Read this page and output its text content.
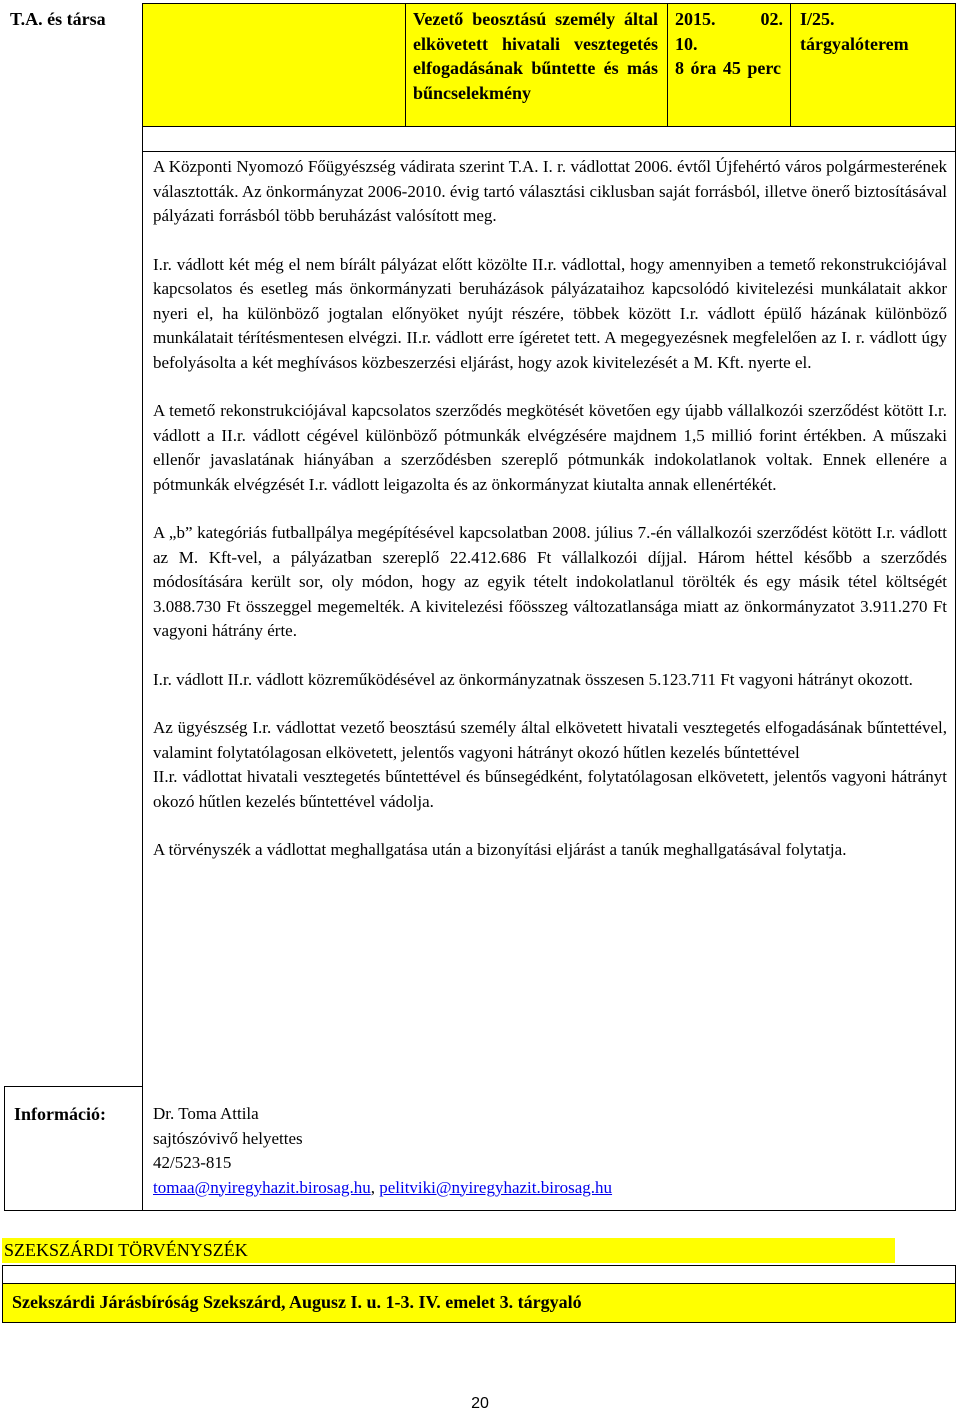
T.A. és társa	Vezető beosztású személy által elkövetett hivatali vesztegetés elfogadásának bűntette és más bűncselekmény
2015. 02.
10.
8 óra 45 perc
I/25.
tárgyalóterem

A Központi Nyomozó Főügyészség vádirata szerint T.A. I. r. vádlottat 2006. évtől Újfehértó város polgármesterének választották. Az önkormányzat 2006-2010. évig tartó választási ciklusban saját forrásból, illetve önerő biztosításával pályázati forrásból több beruházást valósított meg.

I.r. vádlott két még el nem bírált pályázat előtt közölte II.r. vádlottal, hogy amennyiben a temető rekonstrukciójával kapcsolatos és esetleg más önkormányzati beruházások pályázataihoz kapcsolódó kivitelezési munkálatait akkor nyeri el, ha különböző jogtalan előnyöket nyújt részére, többek között I.r. vádlott épülő házának különböző munkálatait térítésmentesen elvégzi. II.r. vádlott erre ígéretet tett. A megegyezésnek megfelelően az I. r. vádlott úgy befolyásolta a két meghívásos közbeszerzési eljárást, hogy azok kivitelezését a M. Kft. nyerte el.

A temető rekonstrukciójával kapcsolatos szerződés megkötését követően egy újabb vállalkozói szerződést kötött I.r. vádlott a II.r. vádlott cégével különböző pótmunkák elvégzésére majdnem 1,5 millió forint értékben. A műszaki ellenőr javaslatának hiányában a szerződésben szereplő pótmunkák indokolatlanok voltak. Ennek ellenére a pótmunkák elvégzését I.r. vádlott leigazolta és az önkormányzat kiutalta annak ellenértékét.

A „b” kategóriás futballpálya megépítésével kapcsolatban 2008. július 7.-én vállalkozói szerződést kötött I.r. vádlott az M. Kft-vel, a pályázatban szereplő 22.412.686 Ft vállalkozói díjjal. Három héttel később a szerződés módosítására került sor, oly módon, hogy az egyik tételt indokolatlanul törölték és egy másik tétel költségét 3.088.730 Ft összeggel megemelték. A kivitelezési főösszeg változatlansága miatt az önkormányzatot 3.911.270 Ft vagyoni hátrány érte.

I.r. vádlott II.r. vádlott közreműködésével az önkormányzatnak összesen 5.123.711 Ft vagyoni hátrányt okozott.

Az ügyészség I.r. vádlottat vezető beosztású személy által elkövetett hivatali vesztegetés elfogadásának bűntettével, valamint folytatólagosan elkövetett, jelentős vagyoni hátrányt okozó hűtlen kezelés bűntettével

II.r. vádlottat hivatali vesztegetés bűntettével és bűnsegédként, folytatólagosan elkövetett, jelentős vagyoni hátrányt okozó hűtlen kezelés bűntettével vádolja.

A törvényszék a vádlottat meghallgatása után a bizonyítási eljárást a tanúk meghallgatásával folytatja.

Információ:	Dr. Toma Attila
sajtószóvivő helyettes
42/523-815
tomaa@nyiregyhazit.birosag.hu, pelitviki@nyiregyhazit.birosag.hu
SZEKSZÁRDI TÖRVÉNYSZÉK
Szekszárdi Járásbíróság Szekszárd, Augusz I. u. 1-3. IV. emelet 3. tárgyaló
20
